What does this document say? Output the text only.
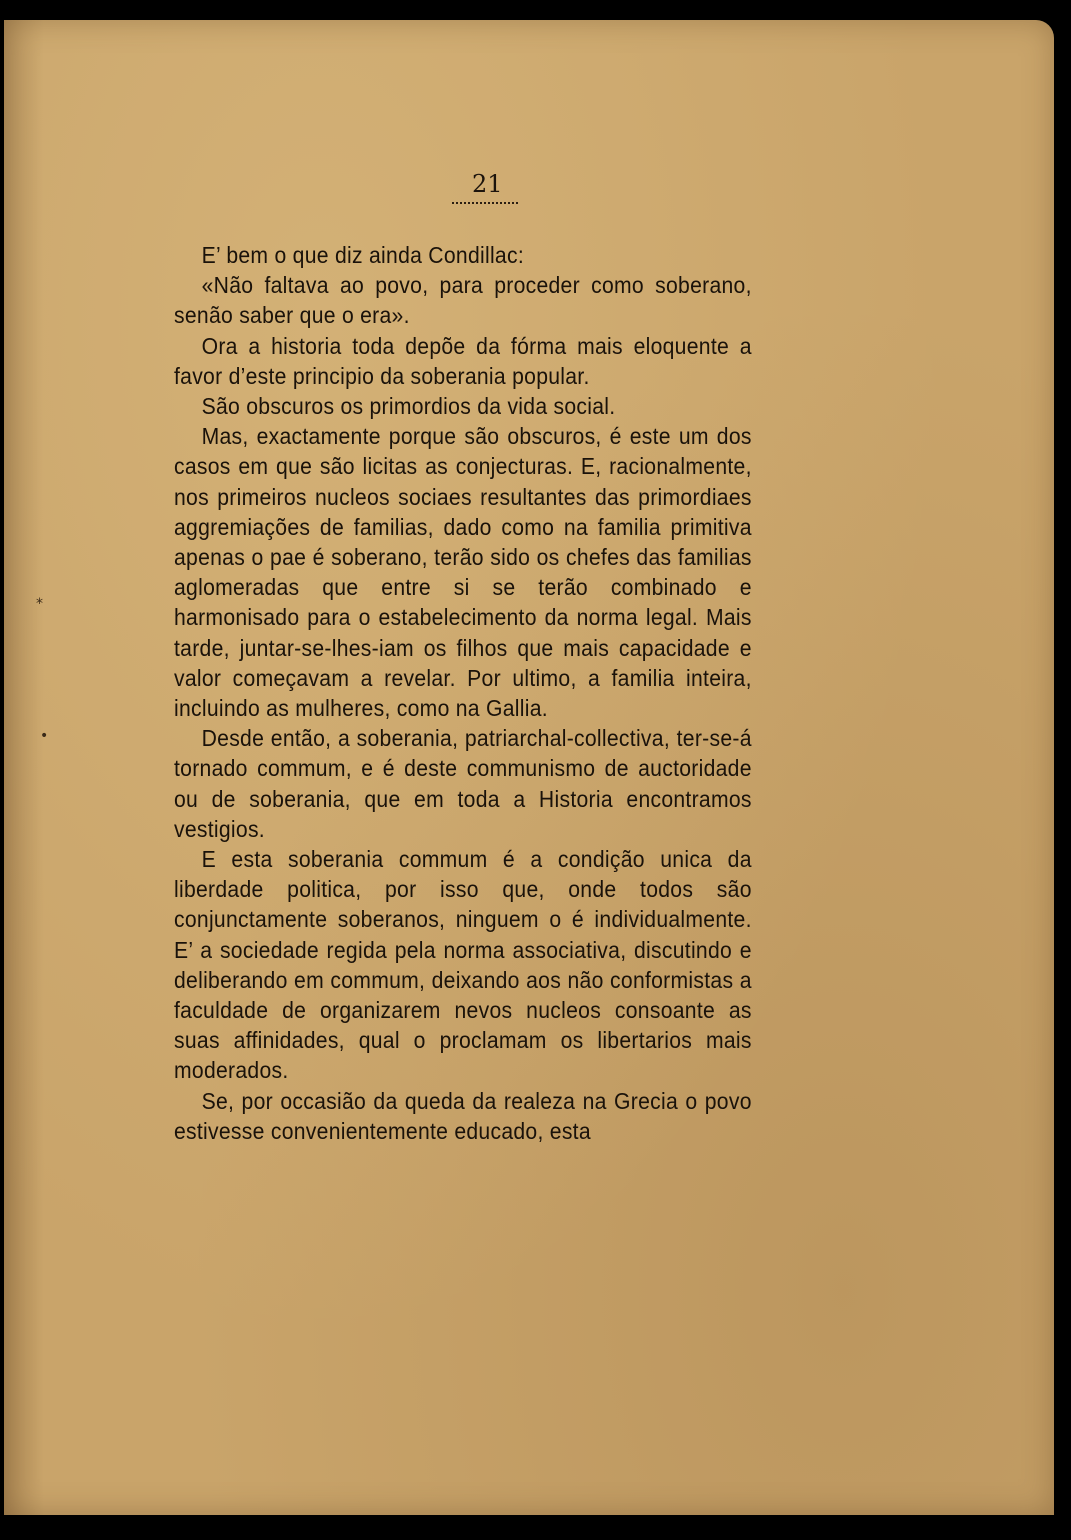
21
*
•

E’ bem o que diz ainda Condillac:

«Não faltava ao povo, para proceder como soberano, senão saber que o era».

Ora a historia toda depõe da fórma mais eloquente a favor d’este principio da soberania popular.

São obscuros os primordios da vida social.

Mas, exactamente porque são obscuros, é este um dos casos em que são licitas as conjecturas. E, racionalmente, nos primeiros nucleos sociaes resultantes das primordiaes aggremiações de familias, dado como na familia primitiva apenas o pae é soberano, terão sido os chefes das familias aglomeradas que entre si se terão combinado e harmonisado para o estabelecimento da norma legal. Mais tarde, juntar-se-lhes-iam os filhos que mais capacidade e valor começavam a revelar. Por ultimo, a familia inteira, incluindo as mulheres, como na Gallia.

Desde então, a soberania, patriarchal-collectiva, ter-se-á tornado commum, e é deste communismo de auctoridade ou de soberania, que em toda a Historia encontramos vestigios.

E esta soberania commum é a condição unica da liberdade politica, por isso que, onde todos são conjunctamente soberanos, ninguem o é individualmente. E’ a sociedade regida pela norma associativa, discutindo e deliberando em commum, deixando aos não conformistas a faculdade de organizarem nevos nucleos consoante as suas affinidades, qual o proclamam os libertarios mais moderados.

Se, por occasião da queda da realeza na Grecia o povo estivesse convenientemente educado, esta
